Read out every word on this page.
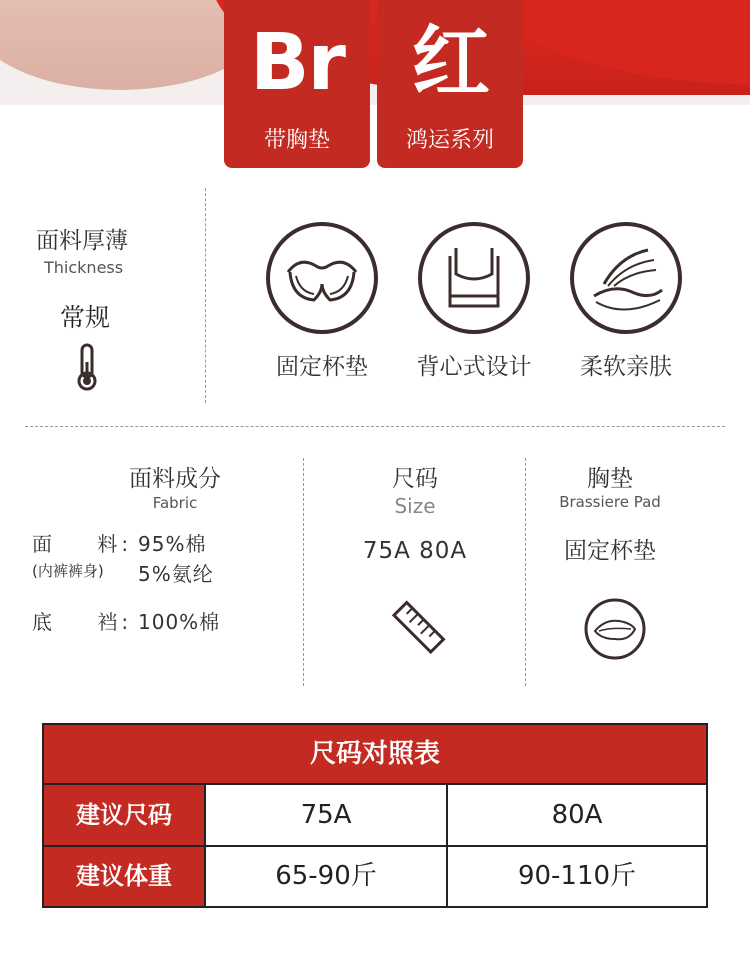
Br
带胸垫
红
鸿运系列
面料厚薄
Thickness
常规
固定杯垫	背心式设计	柔软亲肤
面料成分
Fabric
面    料: 95%棉
(内裤裤身) 5%氨纶
底    裆: 100%棉
尺码
Size
75A 80A
胸垫
Brassiere Pad
固定杯垫
尺码对照表
建议尺码	75A	80A
建议体重	65-90斤	90-110斤
